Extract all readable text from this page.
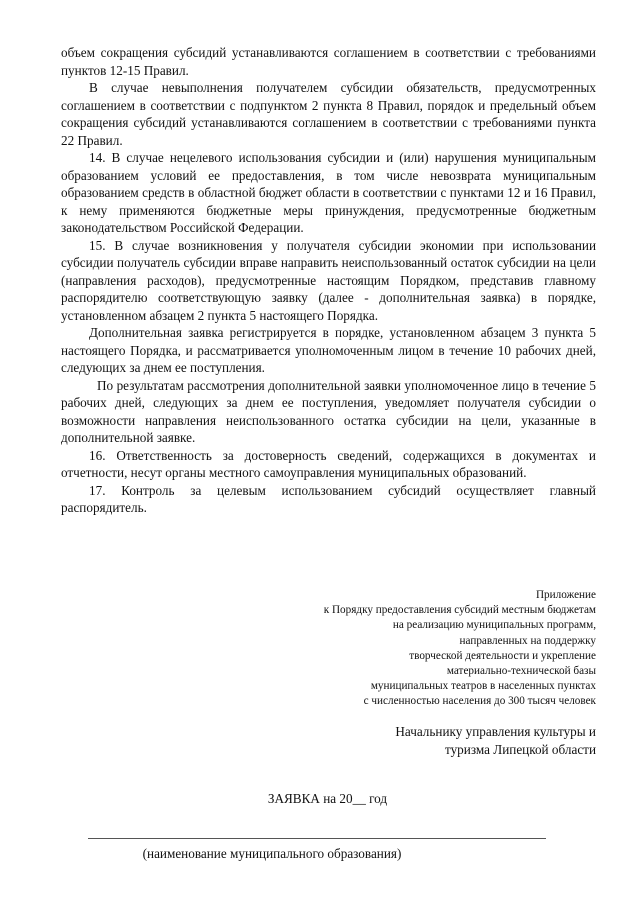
объем сокращения субсидий устанавливаются соглашением в соответствии с требованиями пунктов 12-15 Правил.

В случае невыполнения получателем субсидии обязательств, предусмотренных соглашением в соответствии с подпунктом 2 пункта 8 Правил, порядок и предельный объем сокращения субсидий устанавливаются соглашением в соответствии с требованиями пункта 22 Правил.

14. В случае нецелевого использования субсидии и (или) нарушения муниципальным образованием условий ее предоставления, в том числе невозврата муниципальным образованием средств в областной бюджет области в соответствии с пунктами 12 и 16 Правил, к нему применяются бюджетные меры принуждения, предусмотренные бюджетным законодательством Российской Федерации.

15. В случае возникновения у получателя субсидии экономии при использовании субсидии получатель субсидии вправе направить неиспользованный остаток субсидии на цели (направления расходов), предусмотренные настоящим Порядком, представив главному распорядителю соответствующую заявку (далее - дополнительная заявка) в порядке, установленном абзацем 2 пункта 5 настоящего Порядка.

Дополнительная заявка регистрируется в порядке, установленном абзацем 3 пункта 5 настоящего Порядка, и рассматривается уполномоченным лицом в течение 10 рабочих дней, следующих за днем ее поступления.

По результатам рассмотрения дополнительной заявки уполномоченное лицо в течение 5 рабочих дней, следующих за днем ее поступления, уведомляет получателя субсидии о возможности направления неиспользованного остатка субсидии на цели, указанные в дополнительной заявке.

16. Ответственность за достоверность сведений, содержащихся в документах и отчетности, несут органы местного самоуправления муниципальных образований.

17. Контроль за целевым использованием субсидий осуществляет главный распорядитель.

Приложение
к Порядку предоставления субсидий местным бюджетам
на реализацию муниципальных программ,
направленных на поддержку
творческой деятельности и укрепление
материально-технической базы
муниципальных театров в населенных пунктах
с численностью населения до 300 тысяч человек
Начальнику управления культуры и
туризма Липецкой области
ЗАЯВКА на 20__ год
(наименование муниципального образования)
